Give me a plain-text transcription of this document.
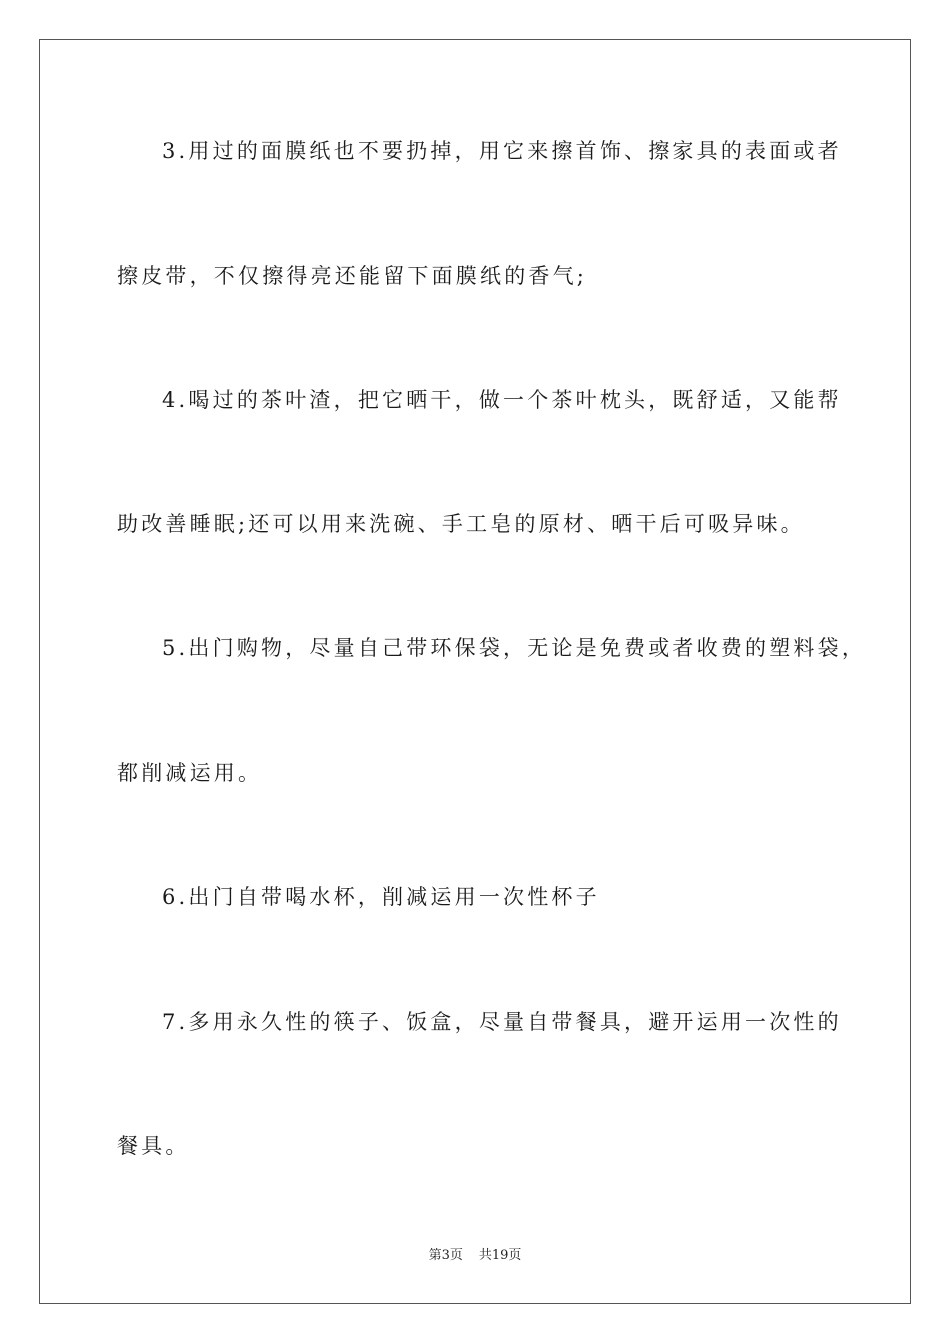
3.用过的面膜纸也不要扔掉，用它来擦首饰、擦家具的表面或者
擦皮带，不仅擦得亮还能留下面膜纸的香气;
4.喝过的茶叶渣，把它晒干，做一个茶叶枕头，既舒适，又能帮
助改善睡眠;还可以用来洗碗、手工皂的原材、晒干后可吸异味。
5.出门购物，尽量自己带环保袋，无论是免费或者收费的塑料袋，
都削减运用。
6.出门自带喝水杯，削减运用一次性杯子
7.多用永久性的筷子、饭盒，尽量自带餐具，避开运用一次性的
餐具。
第3页 共19页
